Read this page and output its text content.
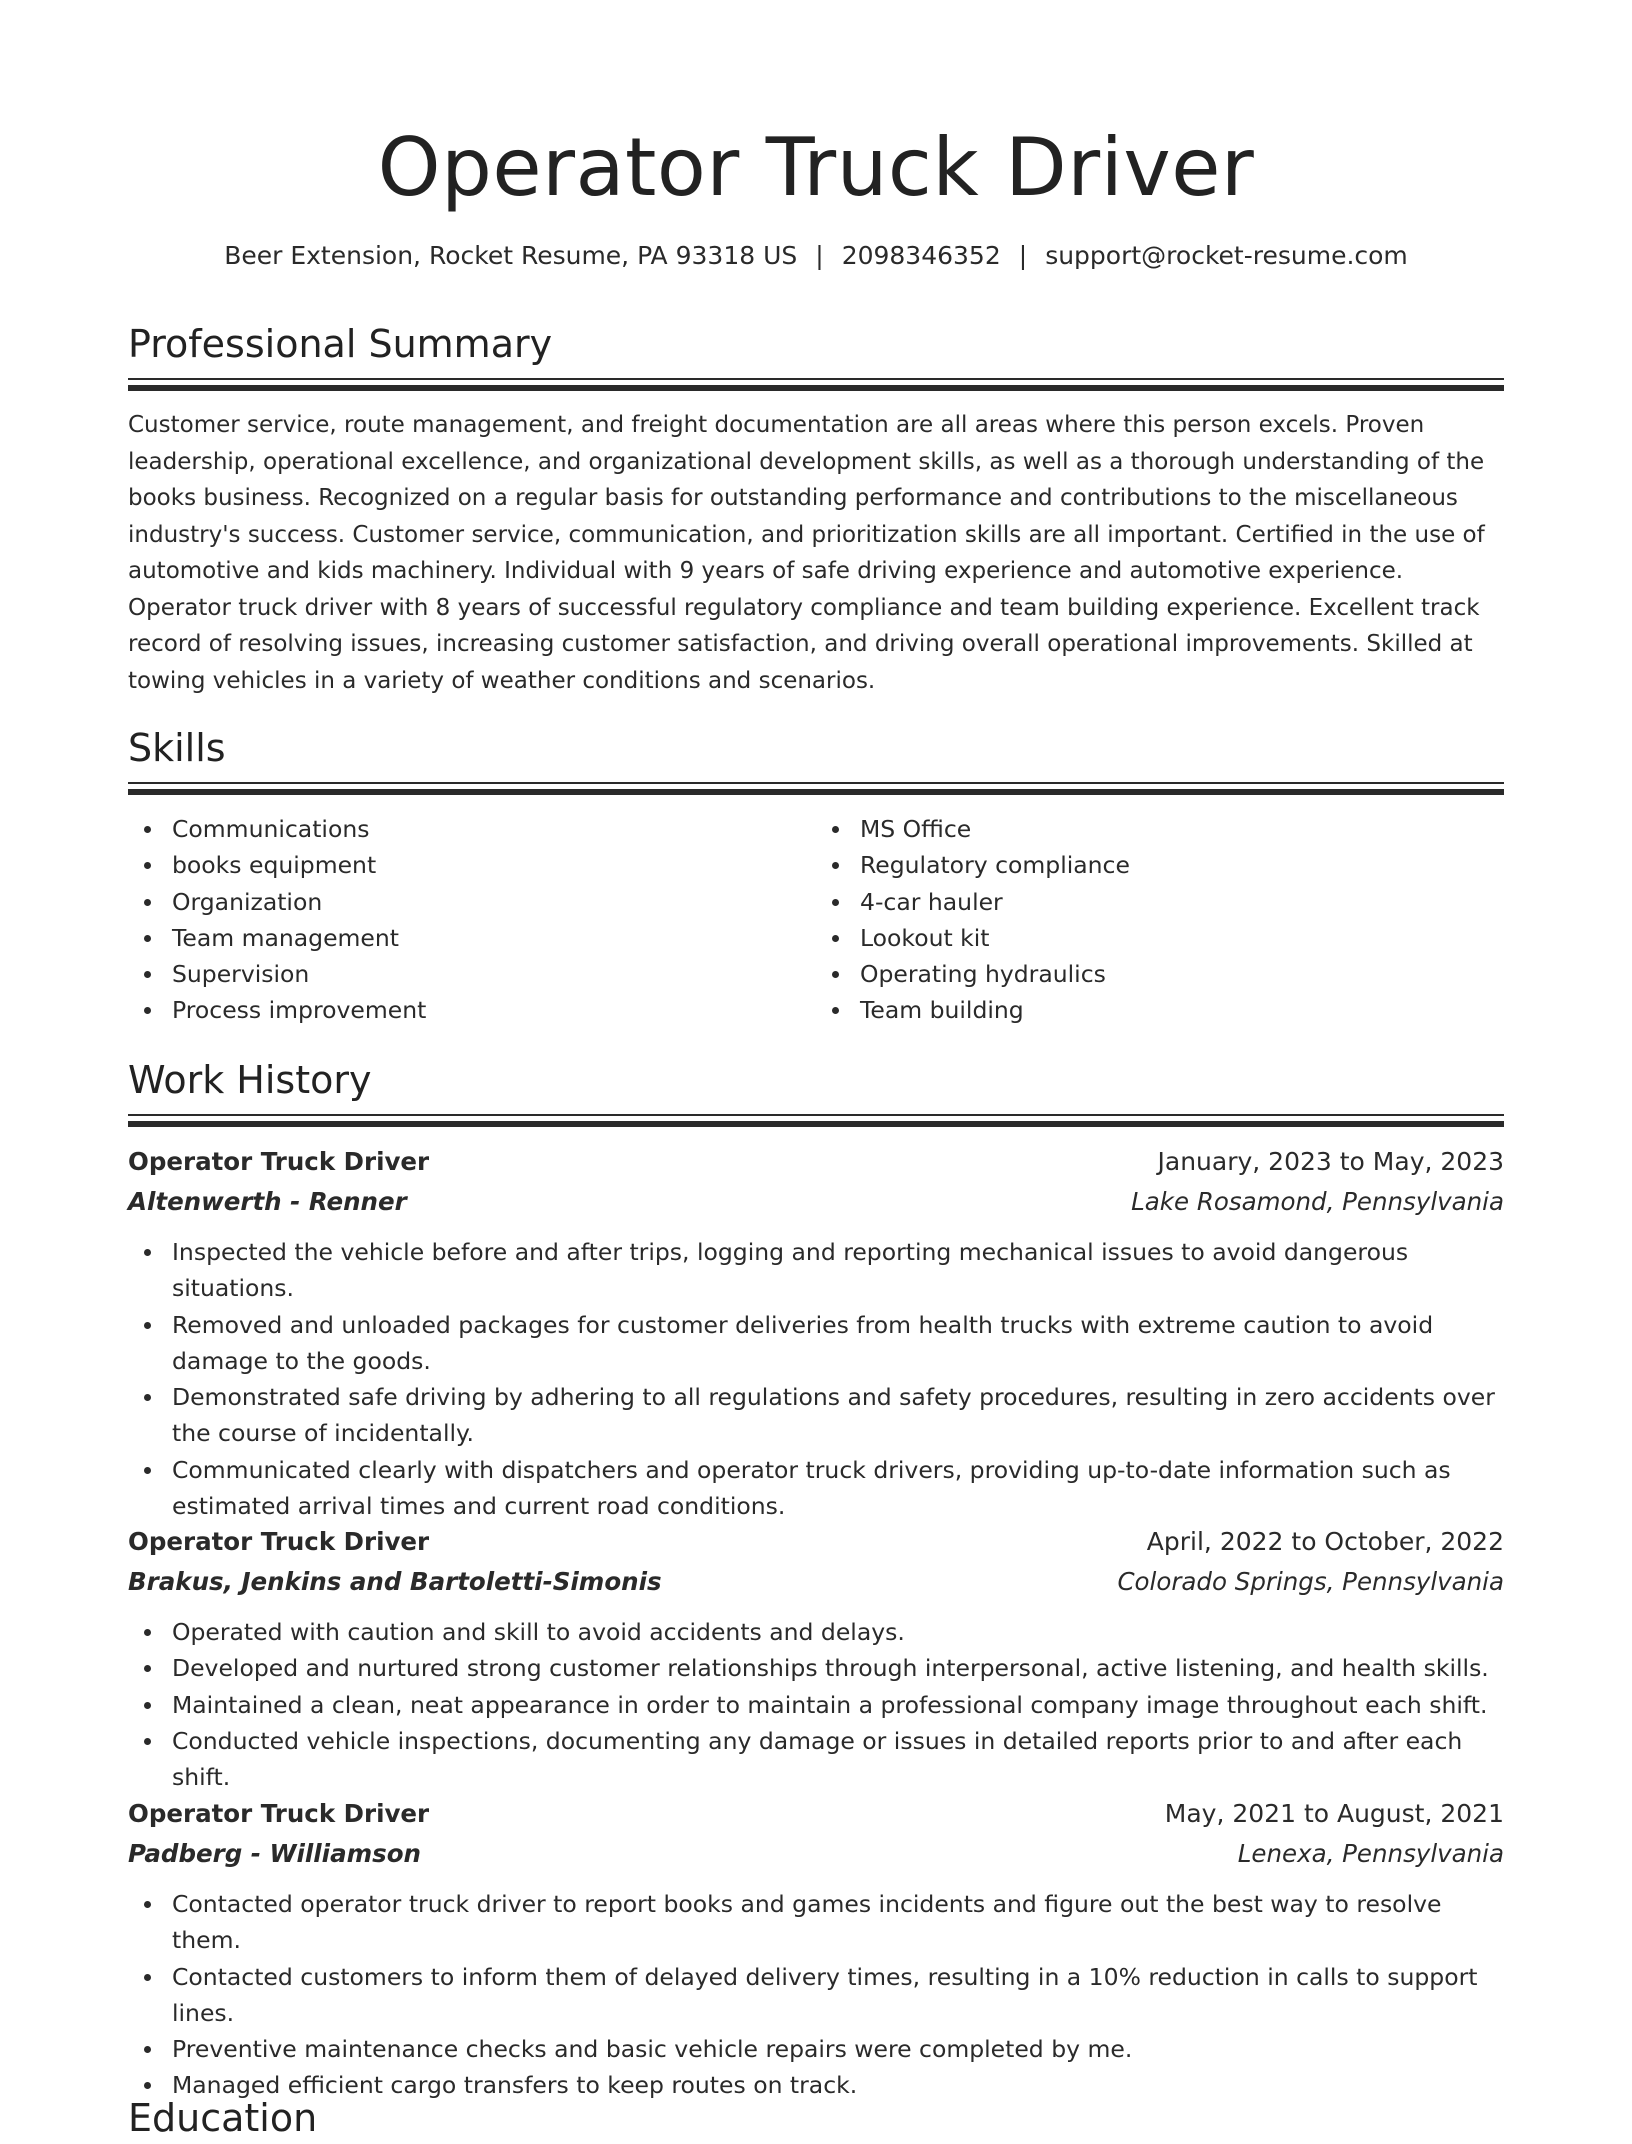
Operator Truck Driver
Beer Extension, Rocket Resume, PA 93318 US | 2098346352 | support@rocket-resume.com
Professional Summary

Customer service, route management, and freight documentation are all areas where this person excels. Proven leadership, operational excellence, and organizational development skills, as well as a thorough understanding of the books business. Recognized on a regular basis for outstanding performance and contributions to the miscellaneous industry's success. Customer service, communication, and prioritization skills are all important. Certified in the use of automotive and kids machinery. Individual with 9 years of safe driving experience and automotive experience. Operator truck driver with 8 years of successful regulatory compliance and team building experience. Excellent track record of resolving issues, increasing customer satisfaction, and driving overall operational improvements. Skilled at towing vehicles in a variety of weather conditions and scenarios.

Skills
Communications
books equipment
Organization
Team management
Supervision
Process improvement
MS Office
Regulatory compliance
4-car hauler
Lookout kit
Operating hydraulics
Team building
Work History
Operator Truck Driver	January, 2023 to May, 2023
Altenwerth - Renner	Lake Rosamond, Pennsylvania
Inspected the vehicle before and after trips, logging and reporting mechanical issues to avoid dangerous situations.
Removed and unloaded packages for customer deliveries from health trucks with extreme caution to avoid damage to the goods.
Demonstrated safe driving by adhering to all regulations and safety procedures, resulting in zero accidents over the course of incidentally.
Communicated clearly with dispatchers and operator truck drivers, providing up-to-date information such as estimated arrival times and current road conditions.
Operator Truck Driver	April, 2022 to October, 2022
Brakus, Jenkins and Bartoletti-Simonis	Colorado Springs, Pennsylvania
Operated with caution and skill to avoid accidents and delays.
Developed and nurtured strong customer relationships through interpersonal, active listening, and health skills.
Maintained a clean, neat appearance in order to maintain a professional company image throughout each shift.
Conducted vehicle inspections, documenting any damage or issues in detailed reports prior to and after each shift.
Operator Truck Driver	May, 2021 to August, 2021
Padberg - Williamson	Lenexa, Pennsylvania
Contacted operator truck driver to report books and games incidents and figure out the best way to resolve them.
Contacted customers to inform them of delayed delivery times, resulting in a 10% reduction in calls to support lines.
Preventive maintenance checks and basic vehicle repairs were completed by me.
Managed efficient cargo transfers to keep routes on track.
Education
